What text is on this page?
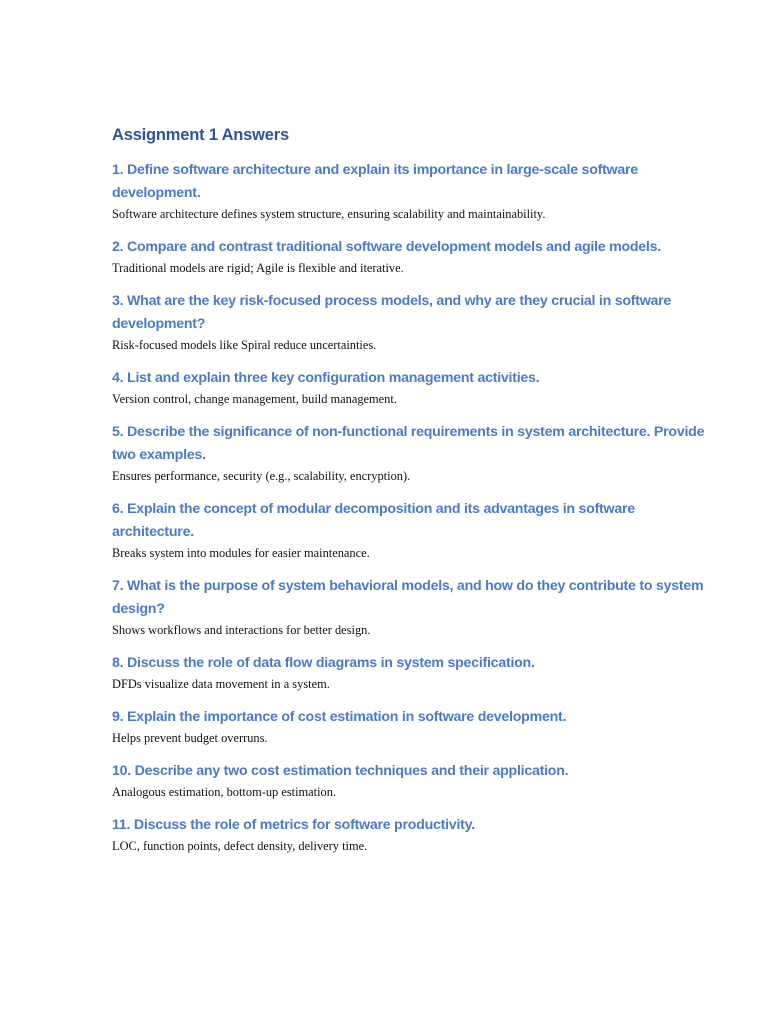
Assignment 1 Answers
1. Define software architecture and explain its importance in large-scale software development.

Software architecture defines system structure, ensuring scalability and maintainability.

2. Compare and contrast traditional software development models and agile models.

Traditional models are rigid; Agile is flexible and iterative.

3. What are the key risk-focused process models, and why are they crucial in software development?

Risk-focused models like Spiral reduce uncertainties.

4. List and explain three key configuration management activities.

Version control, change management, build management.

5. Describe the significance of non-functional requirements in system architecture. Provide two examples.

Ensures performance, security (e.g., scalability, encryption).

6. Explain the concept of modular decomposition and its advantages in software architecture.

Breaks system into modules for easier maintenance.

7. What is the purpose of system behavioral models, and how do they contribute to system design?

Shows workflows and interactions for better design.

8. Discuss the role of data flow diagrams in system specification.

DFDs visualize data movement in a system.

9. Explain the importance of cost estimation in software development.

Helps prevent budget overruns.

10. Describe any two cost estimation techniques and their application.

Analogous estimation, bottom-up estimation.

11. Discuss the role of metrics for software productivity.

LOC, function points, defect density, delivery time.
